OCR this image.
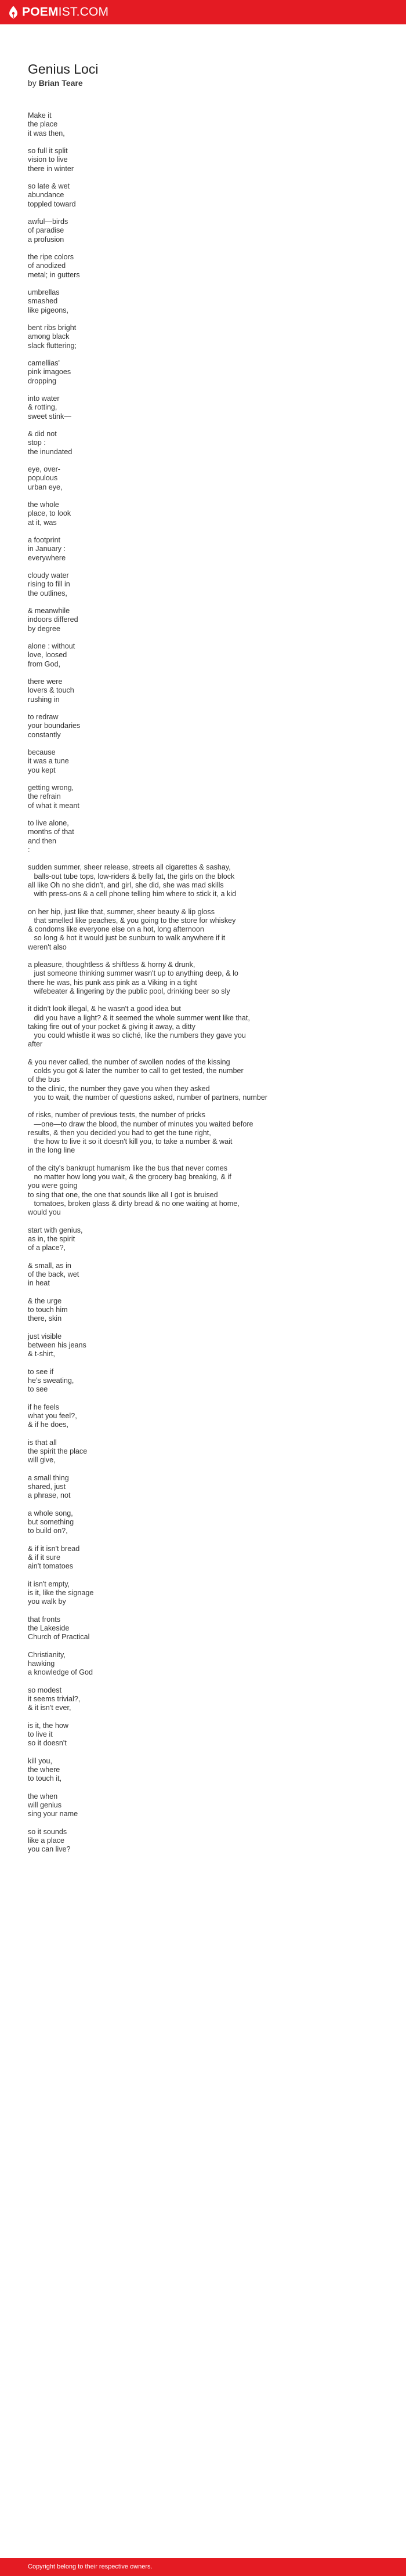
POEMIST.COM
Genius Loci
by Brian Teare
Make it
the place
it was then,
so full it split
vision to live
there in winter
so late & wet
abundance
toppled toward
awful—birds
of paradise
a profusion
the ripe colors
of anodized
metal; in gutters
umbrellas
smashed
like pigeons,
bent ribs bright
among black
slack fluttering;
camellias'
pink imagoes
dropping
into water
& rotting,
sweet stink—
& did not
stop :
the inundated
eye, over-
populous
urban eye,
the whole
place, to look
at it, was
a footprint
in January :
everywhere
cloudy water
rising to fill in
the outlines,
& meanwhile
indoors differed
by degree
alone : without
love, loosed
from God,
there were
lovers & touch
rushing in
to redraw
your boundaries
constantly
because
it was a tune
you kept
getting wrong,
the refrain
of what it meant
to live alone,
months of that
and then
:
sudden summer, sheer release, streets all cigarettes & sashay,
balls-out tube tops, low-riders & belly fat, the girls on the block
all like Oh no she didn't, and girl, she did, she was mad skills
with press-ons & a cell phone telling him where to stick it, a kid
on her hip, just like that, summer, sheer beauty & lip gloss
that smelled like peaches, & you going to the store for whiskey
& condoms like everyone else on a hot, long afternoon
so long & hot it would just be sunburn to walk anywhere if it
weren't also
a pleasure, thoughtless & shiftless & horny & drunk,
just someone thinking summer wasn't up to anything deep, & lo
there he was, his punk ass pink as a Viking in a tight
wifebeater & lingering by the public pool, drinking beer so sly
it didn't look illegal, & he wasn't a good idea but
did you have a light? & it seemed the whole summer went like that,
taking fire out of your pocket & giving it away, a ditty
you could whistle it was so cliché, like the numbers they gave you
after
& you never called, the number of swollen nodes of the kissing
colds you got & later the number to call to get tested, the number
of the bus
to the clinic, the number they gave you when they asked
you to wait, the number of questions asked, number of partners, number
of risks, number of previous tests, the number of pricks
—one—to draw the blood, the number of minutes you waited before
results, & then you decided you had to get the tune right,
the how to live it so it doesn't kill you, to take a number & wait
in the long line
of the city's bankrupt humanism like the bus that never comes
no matter how long you wait, & the grocery bag breaking, & if
you were going
to sing that one, the one that sounds like all I got is bruised
tomatoes, broken glass & dirty bread & no one waiting at home,
would you
start with genius,
as in, the spirit
of a place?,
& small, as in
of the back, wet
in heat
& the urge
to touch him
there, skin
just visible
between his jeans
& t-shirt,
to see if
he's sweating,
to see
if he feels
what you feel?,
& if he does,
is that all
the spirit the place
will give,
a small thing
shared, just
a phrase, not
a whole song,
but something
to build on?,
& if it isn't bread
& if it sure
ain't tomatoes
it isn't empty,
is it, like the signage
you walk by
that fronts
the Lakeside
Church of Practical
Christianity,
hawking
a knowledge of God
so modest
it seems trivial?,
& it isn't ever,
is it, the how
to live it
so it doesn't
kill you,
the where
to touch it,
the when
will genius
sing your name
so it sounds
like a place
you can live?
Copyright belong to their respective owners.
